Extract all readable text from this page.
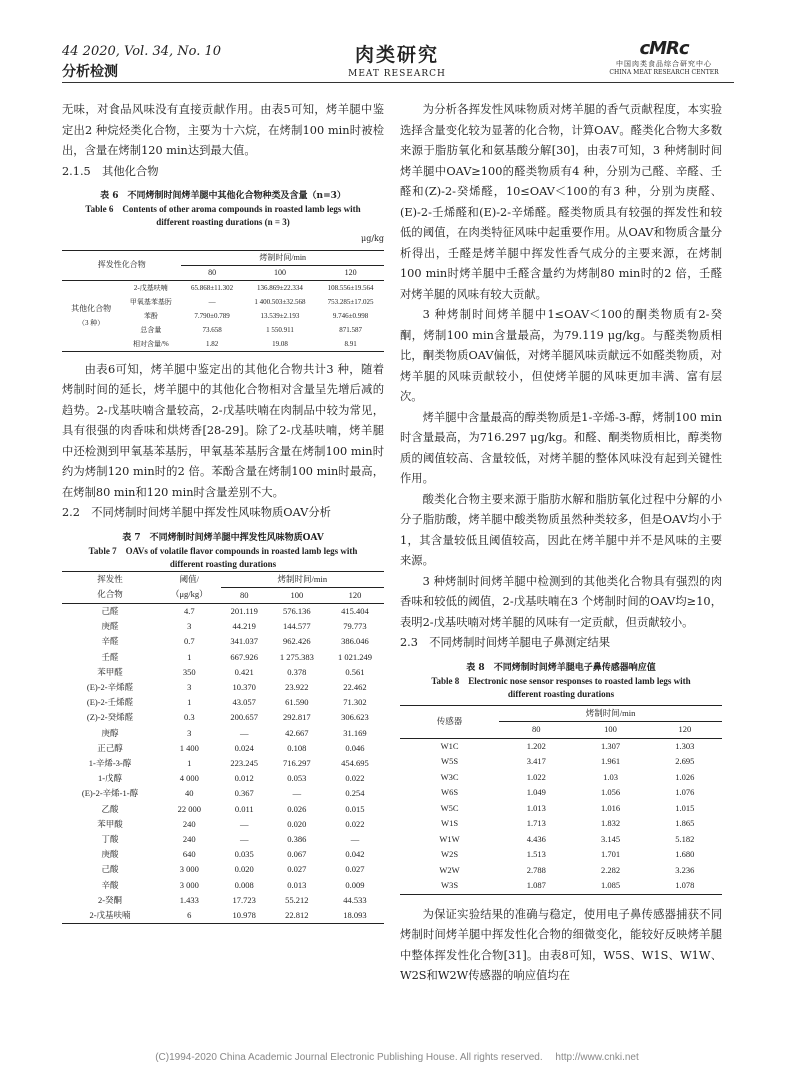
44 2020, Vol. 34, No. 10
分析检测
肉类研究
MEAT RESEARCH
cMRc
中国肉类食品综合研究中心
CHINA MEAT RESEARCH CENTER

无味，对食品风味没有直接贡献作用。由表5可知，烤羊腿中鉴定出2 种烷烃类化合物，主要为十六烷，在烤制100 min时被检出，含量在烤制120 min达到最大值。

2.1.5　其他化合物
表 6　不同烤制时间烤羊腿中其他化合物种类及含量（n=3）
Table 6　Contents of other aroma compounds in roasted lamb legs with
different roasting durations (n = 3)
μg/kg
挥发性化合物		烤制时间/min		
		80	100	120
其他化合物
（3 种）	2-戊基呋喃	65.868±11.302	136.869±22.334	108.556±19.564
	甲氧基苯基肟	—	1 400.503±32.568	753.285±17.025
	苯酚	7.790±0.789	13.539±2.193	9.746±0.998
	总含量	73.658	1 550.911	871.587
	相对含量/%	1.82	19.08	8.91

由表6可知，烤羊腿中鉴定出的其他化合物共计3 种，随着烤制时间的延长，烤羊腿中的其他化合物相对含量呈先增后减的趋势。2-戊基呋喃含量较高，2-戊基呋喃在肉制品中较为常见，具有很强的肉香味和烘烤香[28-29]。除了2-戊基呋喃，烤羊腿中还检测到甲氧基苯基肟，甲氧基苯基肟含量在烤制100 min时约为烤制120 min时的2 倍。苯酚含量在烤制100 min时最高，在烤制80 min和120 min时含量差别不大。

2.2　不同烤制时间烤羊腿中挥发性风味物质OAV分析
表 7　不同烤制时间烤羊腿中挥发性风味物质OAV
Table 7　OAVs of volatile flavor compounds in roasted lamb legs with
different roasting durations
挥发性
化合物	阈值/
（μg/kg）	烤制时间/min		
		80	100	120
己醛	4.7	201.119	576.136	415.404
庚醛	3	44.219	144.577	79.773
辛醛	0.7	341.037	962.426	386.046
壬醛	1	667.926	1 275.383	1 021.249
苯甲醛	350	0.421	0.378	0.561
(E)-2-辛烯醛	3	10.370	23.922	22.462
(E)-2-壬烯醛	1	43.057	61.590	71.302
(Z)-2-癸烯醛	0.3	200.657	292.817	306.623
庚醇	3	—	42.667	31.169
正己醇	1 400	0.024	0.108	0.046
1-辛烯-3-醇	1	223.245	716.297	454.695
1-戊醇	4 000	0.012	0.053	0.022
(E)-2-辛烯-1-醇	40	0.367	—	0.254
乙酸	22 000	0.011	0.026	0.015
苯甲酸	240	—	0.020	0.022
丁酸	240	—	0.386	—
庚酸	640	0.035	0.067	0.042
己酸	3 000	0.020	0.027	0.027
辛酸	3 000	0.008	0.013	0.009
2-癸酮	1.433	17.723	55.212	44.533
2-戊基呋喃	6	10.978	22.812	18.093

为分析各挥发性风味物质对烤羊腿的香气贡献程度，本实验选择含量变化较为显著的化合物，计算OAV。醛类化合物大多数来源于脂肪氧化和氨基酸分解[30]，由表7可知，3 种烤制时间烤羊腿中OAV≥100的醛类物质有4 种，分别为己醛、辛醛、壬醛和(Z)-2-癸烯醛，10≤OAV＜100的有3 种，分别为庚醛、(E)-2-壬烯醛和(E)-2-辛烯醛。醛类物质具有较强的挥发性和较低的阈值，在肉类特征风味中起重要作用。从OAV和物质含量分析得出，壬醛是烤羊腿中挥发性香气成分的主要来源，在烤制100 min时烤羊腿中壬醛含量约为烤制80 min时的2 倍，壬醛对烤羊腿的风味有较大贡献。

3 种烤制时间烤羊腿中1≤OAV＜100的酮类物质有2-癸酮，烤制100 min含量最高，为79.119 μg/kg。与醛类物质相比，酮类物质OAV偏低，对烤羊腿风味贡献远不如醛类物质，对烤羊腿的风味贡献较小，但使烤羊腿的风味更加丰满、富有层次。

烤羊腿中含量最高的醇类物质是1-辛烯-3-醇，烤制100 min时含量最高，为716.297 μg/kg。和醛、酮类物质相比，醇类物质的阈值较高、含量较低，对烤羊腿的整体风味没有起到关键性作用。

酸类化合物主要来源于脂肪水解和脂肪氧化过程中分解的小分子脂肪酸，烤羊腿中酸类物质虽然种类较多，但是OAV均小于1，其含量较低且阈值较高，因此在烤羊腿中并不是风味的主要来源。

3 种烤制时间烤羊腿中检测到的其他类化合物具有强烈的肉香味和较低的阈值，2-戊基呋喃在3 个烤制时间的OAV均≥10，表明2-戊基呋喃对烤羊腿的风味有一定贡献，但贡献较小。

2.3　不同烤制时间烤羊腿电子鼻测定结果
表 8　不同烤制时间烤羊腿电子鼻传感器响应值
Table 8　Electronic nose sensor responses to roasted lamb legs with
different roasting durations
传感器	烤制时间/min		
	80	100	120
W1C	1.202	1.307	1.303
W5S	3.417	1.961	2.695
W3C	1.022	1.03	1.026
W6S	1.049	1.056	1.076
W5C	1.013	1.016	1.015
W1S	1.713	1.832	1.865
W1W	4.436	3.145	5.182
W2S	1.513	1.701	1.680
W2W	2.788	2.282	3.236
W3S	1.087	1.085	1.078

为保证实验结果的准确与稳定，使用电子鼻传感器捕获不同烤制时间烤羊腿中挥发性化合物的细微变化，能较好反映烤羊腿中整体挥发性化合物[31]。由表8可知，W5S、W1S、W1W、W2S和W2W传感器的响应值均在

(C)1994-2020 China Academic Journal Electronic Publishing House. All rights reserved.　 http://www.cnki.net
